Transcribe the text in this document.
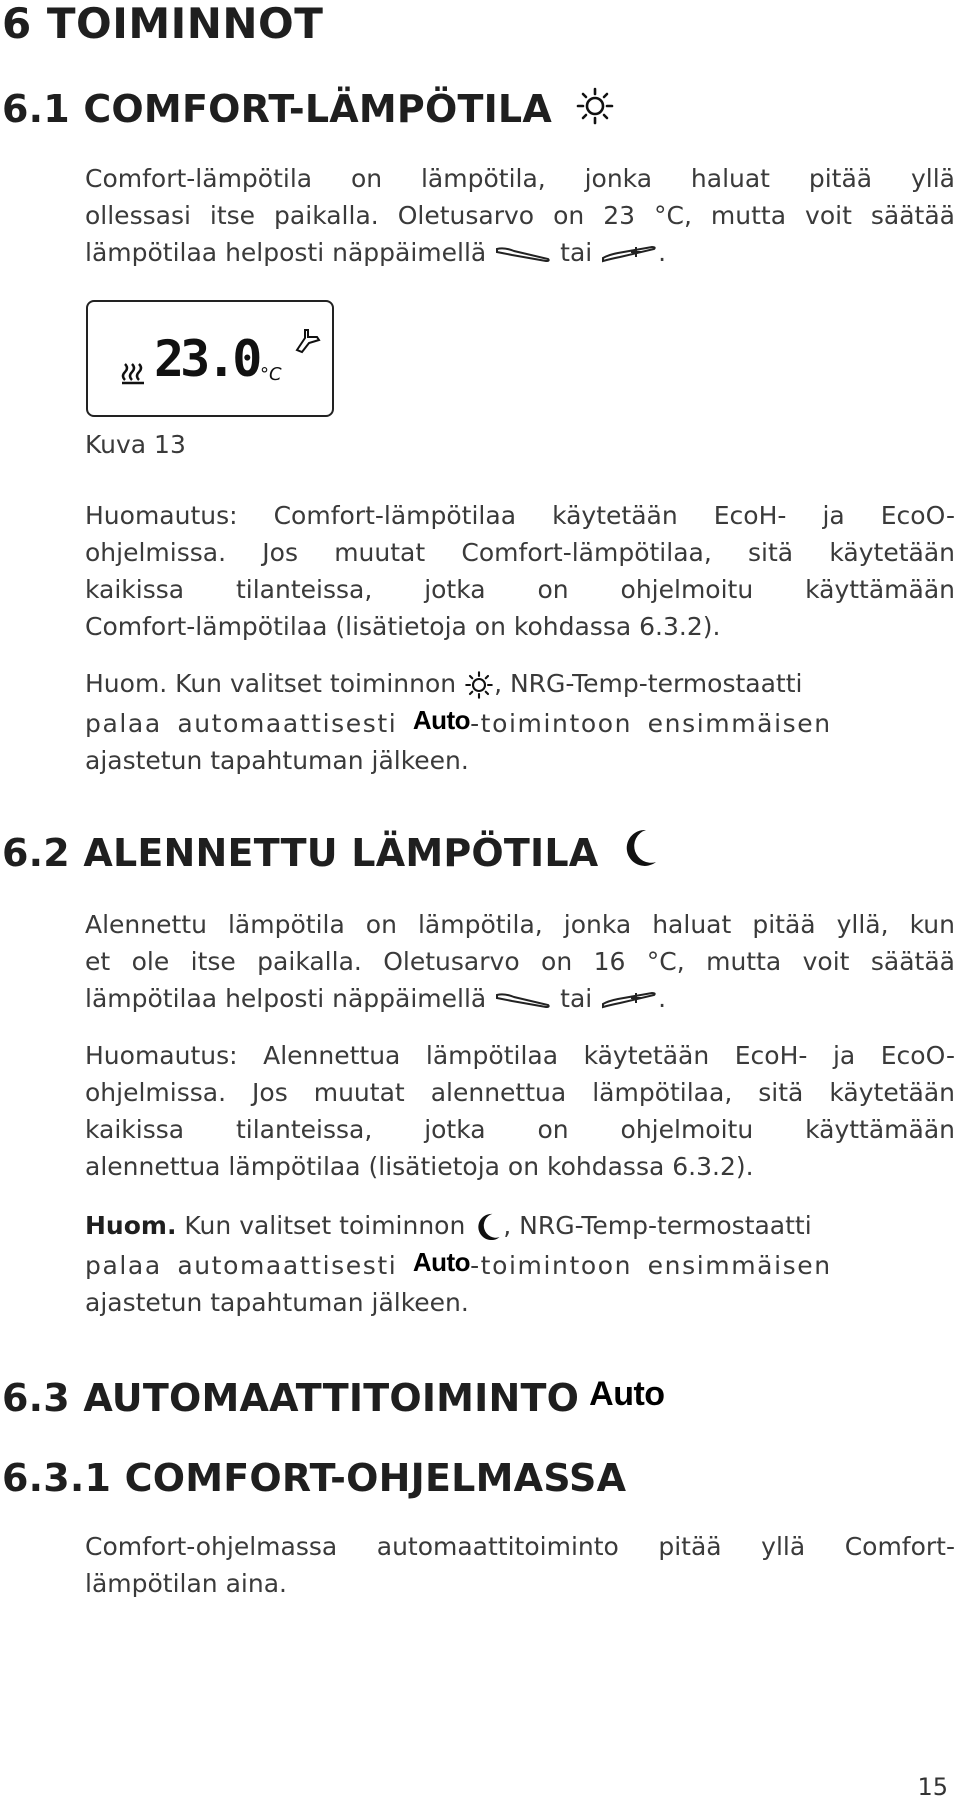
6 TOIMINNOT
6.1 COMFORT-LÄMPÖTILA
Comfort-lämpötila on lämpötila, jonka haluat pitää yllä
ollessasi itse paikalla. Oletusarvo on 23 °C, mutta voit säätää
lämpötilaa helposti näppäimellä	tai	.
23.0 °C
Kuva 13
Huomautus: Comfort-lämpötilaa käytetään EcoH- ja EcoO-
ohjelmissa. Jos muutat Comfort-lämpötilaa, sitä käytetään
kaikissa tilanteissa, jotka on ohjelmoitu käyttämään
Comfort-lämpötilaa (lisätietoja on kohdassa 6.3.2).
Huom. Kun valitset toiminnon , NRG-Temp-termostaatti
palaa automaattisesti Auto-toimintoon ensimmäisen
ajastetun tapahtuman jälkeen.
6.2 ALENNETTU LÄMPÖTILA
Alennettu lämpötila on lämpötila, jonka haluat pitää yllä, kun
et ole itse paikalla. Oletusarvo on 16 °C, mutta voit säätää
lämpötilaa helposti näppäimellä	tai	.
Huomautus: Alennettua lämpötilaa käytetään EcoH- ja EcoO-
ohjelmissa. Jos muutat alennettua lämpötilaa, sitä käytetään
kaikissa tilanteissa, jotka on ohjelmoitu käyttämään
alennettua lämpötilaa (lisätietoja on kohdassa 6.3.2).
Huom. Kun valitset toiminnon , NRG-Temp-termostaatti
palaa automaattisesti Auto-toimintoon ensimmäisen
ajastetun tapahtuman jälkeen.
6.3 AUTOMAATTITOIMINTO Auto
6.3.1 COMFORT-OHJELMASSA
Comfort-ohjelmassa automaattitoiminto pitää yllä Comfort-
lämpötilan aina.
15
